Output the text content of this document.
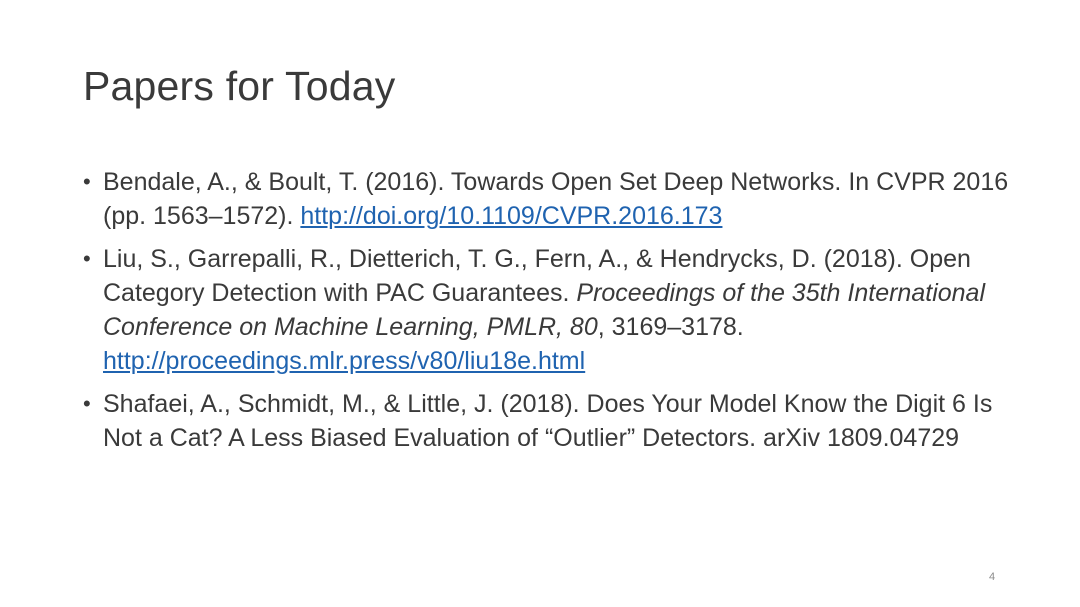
Papers for Today
• Bendale, A., & Boult, T. (2016). Towards Open Set Deep Networks. In CVPR 2016 (pp. 1563–1572). http://doi.org/10.1109/CVPR.2016.173
• Liu, S., Garrepalli, R., Dietterich, T. G., Fern, A., & Hendrycks, D. (2018). Open Category Detection with PAC Guarantees. Proceedings of the 35th International Conference on Machine Learning, PMLR, 80, 3169–3178. http://proceedings.mlr.press/v80/liu18e.html
• Shafaei, A., Schmidt, M., & Little, J. (2018). Does Your Model Know the Digit 6 Is Not a Cat? A Less Biased Evaluation of “Outlier” Detectors. arXiv 1809.04729
4
